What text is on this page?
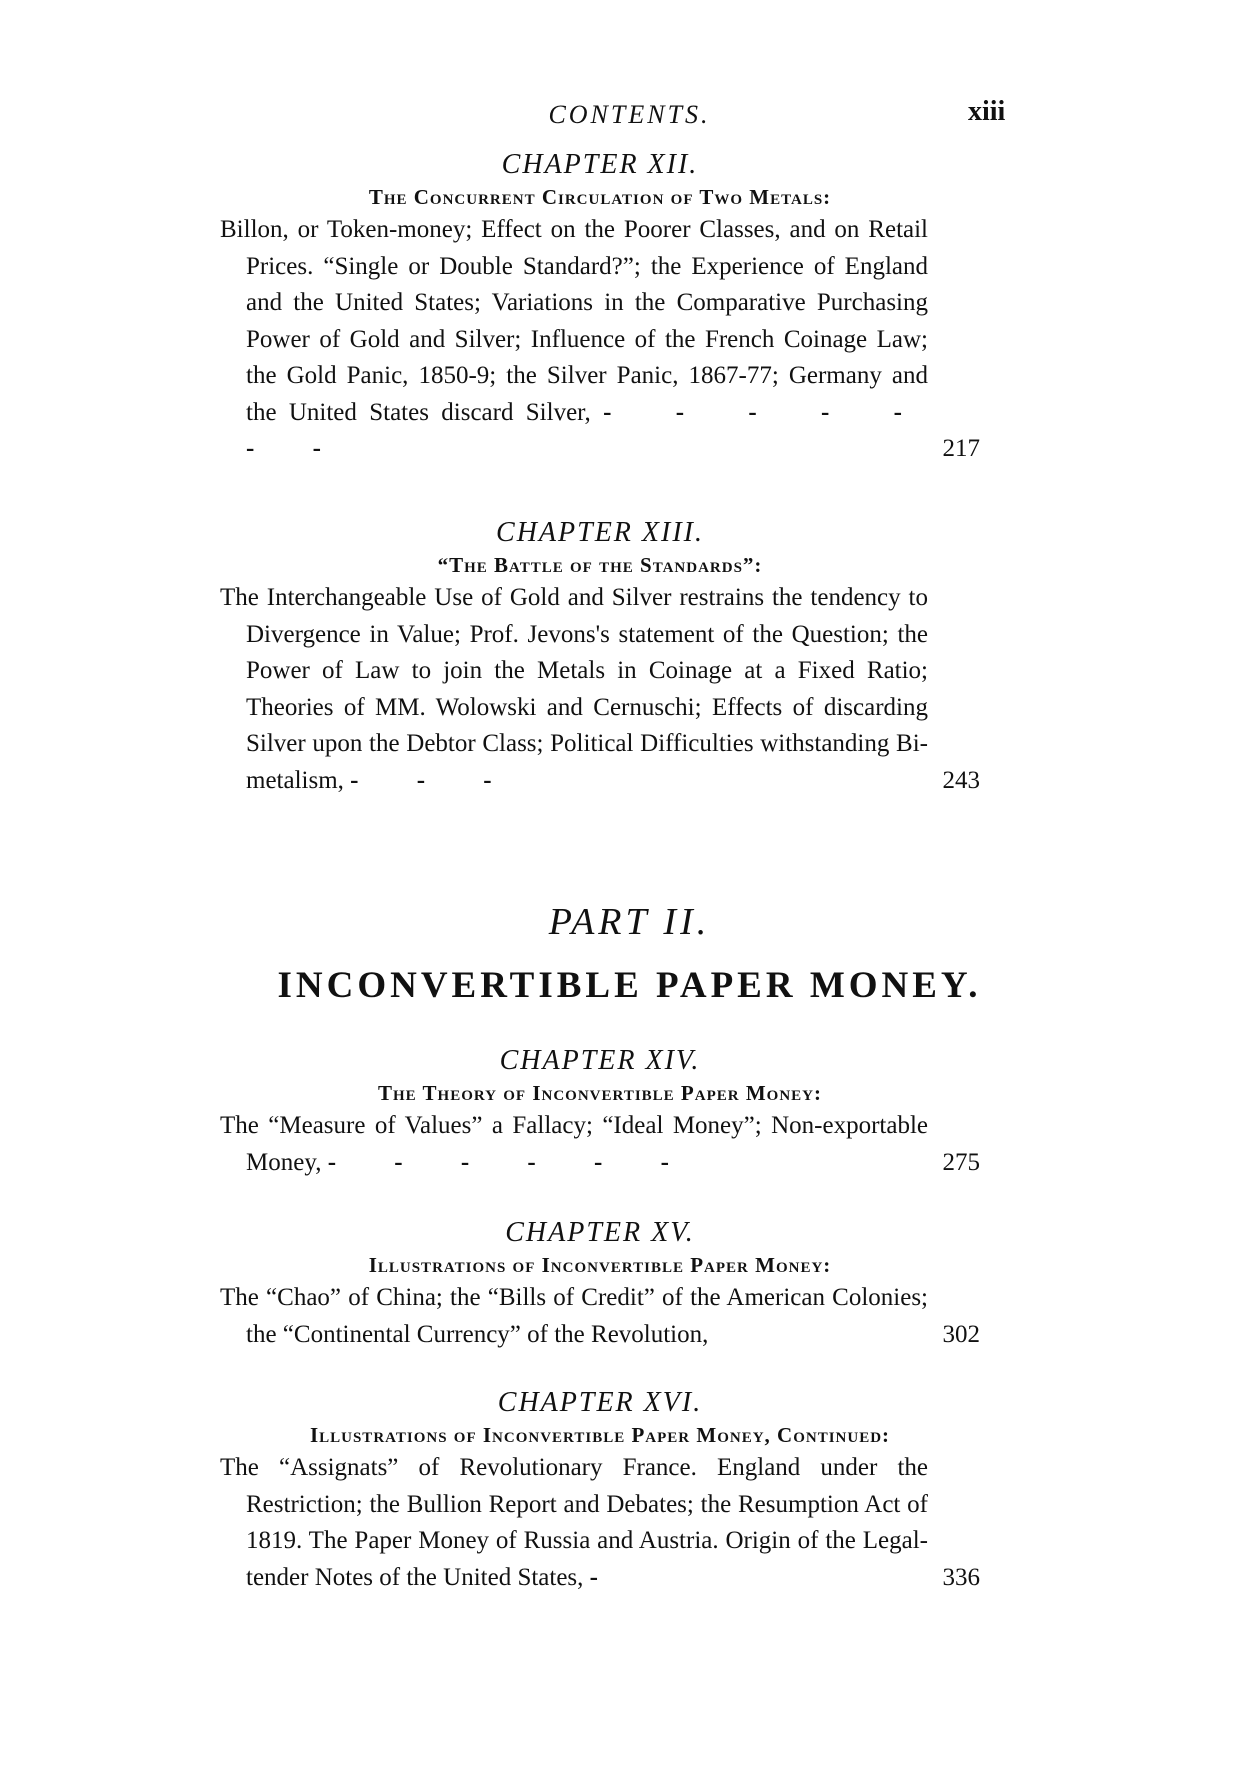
CONTENTS.	xiii

CHAPTER XII.

The Concurrent Circulation of Two Metals:

Billon, or Token-money; Effect on the Poorer Classes, and on Retail Prices. “Single or Double Standard?”; the Experience of England and the United States; Variations in the Comparative Purchasing Power of Gold and Silver; Influence of the French Coinage Law; the Gold Panic, 1850-9; the Silver Panic, 1867-77; Germany and the United States discard Silver, - - - - - - -	217

CHAPTER XIII.

“The Battle of the Standards”:

The Interchangeable Use of Gold and Silver restrains the tendency to Divergence in Value; Prof. Jevons's statement of the Question; the Power of Law to join the Metals in Coinage at a Fixed Ratio; Theories of MM. Wolowski and Cernuschi; Effects of discarding Silver upon the Debtor Class; Political Difficulties withstanding Bi-metalism, - - -	243

PART II.

INCONVERTIBLE PAPER MONEY.

CHAPTER XIV.

The Theory of Inconvertible Paper Money:

The “Measure of Values” a Fallacy; “Ideal Money”; Non-exportable Money, - - - - - -	275

CHAPTER XV.

Illustrations of Inconvertible Paper Money:

The “Chao” of China; the “Bills of Credit” of the American Colonies; the “Continental Currency” of the Revolution,	302

CHAPTER XVI.

Illustrations of Inconvertible Paper Money, Continued:

The “Assignats” of Revolutionary France. England under the Restriction; the Bullion Report and Debates; the Resumption Act of 1819. The Paper Money of Russia and Austria. Origin of the Legal-tender Notes of the United States, -	336
